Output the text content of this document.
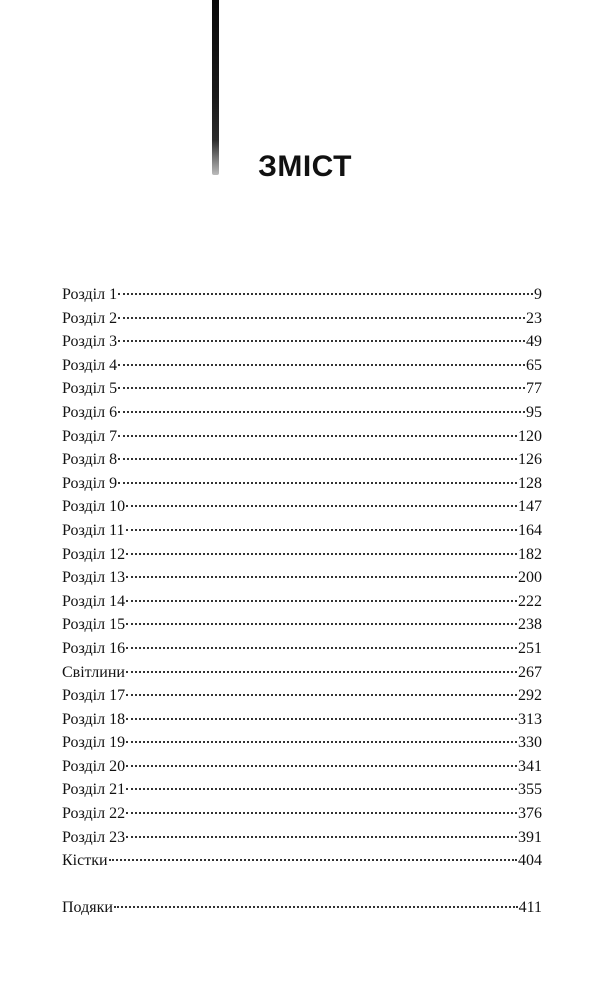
ЗМІСТ
Розділ 1	9
Розділ 2	23
Розділ 3	49
Розділ 4	65
Розділ 5	77
Розділ 6	95
Розділ 7	120
Розділ 8	126
Розділ 9	128
Розділ 10	147
Розділ 11	164
Розділ 12	182
Розділ 13	200
Розділ 14	222
Розділ 15	238
Розділ 16	251
Світлини	267
Розділ 17	292
Розділ 18	313
Розділ 19	330
Розділ 20	341
Розділ 21	355
Розділ 22	376
Розділ 23	391
Кістки	404
Подяки	411
